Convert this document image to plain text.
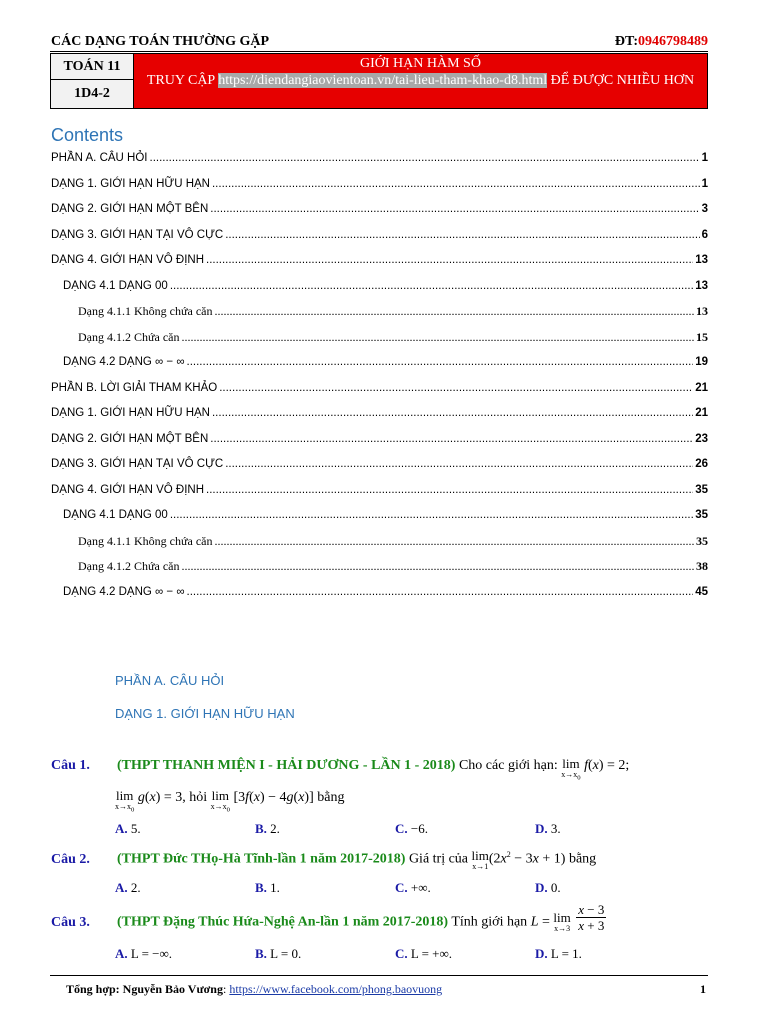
CÁC DẠNG TOÁN THƯỜNG GẶP	ĐT:0946798489
TOÁN 11
1D4-2
GIỚI HẠN HÀM SỐ
TRUY CẬP https://diendangiaovientoan.vn/tai-lieu-tham-khao-d8.html ĐỂ ĐƯỢC NHIỀU HƠN
Contents
PHẦN A. CÂU HỎI .....	1
DẠNG 1. GIỚI HẠN HỮU HẠN .....	1
DẠNG 2. GIỚI HẠN MỘT BÊN .....	3
DẠNG 3. GIỚI HẠN TẠI VÔ CỰC .....	6
DẠNG 4. GIỚI HẠN VÔ ĐỊNH .....	13
DẠNG 4.1 DẠNG 00 .....	13
Dạng 4.1.1 Không chứa căn .....	13
Dạng 4.1.2 Chứa căn .....	15
DẠNG 4.2 DẠNG ∞ − ∞ .....	19
PHẦN B. LỜI GIẢI THAM KHẢO .....	21
DẠNG 1. GIỚI HẠN HỮU HẠN .....	21
DẠNG 2. GIỚI HẠN MỘT BÊN .....	23
DẠNG 3. GIỚI HẠN TẠI VÔ CỰC .....	26
DẠNG 4. GIỚI HẠN VÔ ĐỊNH .....	35
DẠNG 4.1 DẠNG 00 .....	35
Dạng 4.1.1 Không chứa căn .....	35
Dạng 4.1.2 Chứa căn .....	38
DẠNG 4.2 DẠNG ∞ − ∞ .....	45
PHẦN A. CÂU HỎI
DẠNG 1. GIỚI HẠN HỮU HẠN
Câu 1. (THPT THANH MIỆN I - HẢI DƯƠNG - LẦN 1 - 2018) Cho các giới hạn: lim
$x\to x_0$
f(x) = 2;
lim
$x\to x_0$
g(x) = 3, hỏi lim
$x\to x_0$
[3f(x) − 4g(x)] bằng
A. 5.	B. 2.	C. −6.	D. 3.
Câu 2. (THPT Đức THọ-Hà Tĩnh-lần 1 năm 2017-2018) Giá trị của lim
x→1 $(2x^2 - 3x + 1)$ bằng
A. 2.	B. 1.	C. +∞.	D. 0.
Câu 3. (THPT Đặng Thúc Hứa-Nghệ An-lần 1 năm 2017-2018) Tính giới hạn L = lim
x→3
$\frac{x - 3}{x + 3}$
A. L = −∞.	B. L = 0.	C. L = +∞.	D. L = 1.
Tổng hợp: Nguyễn Bảo Vương: https://www.facebook.com/phong.baovuong	1
